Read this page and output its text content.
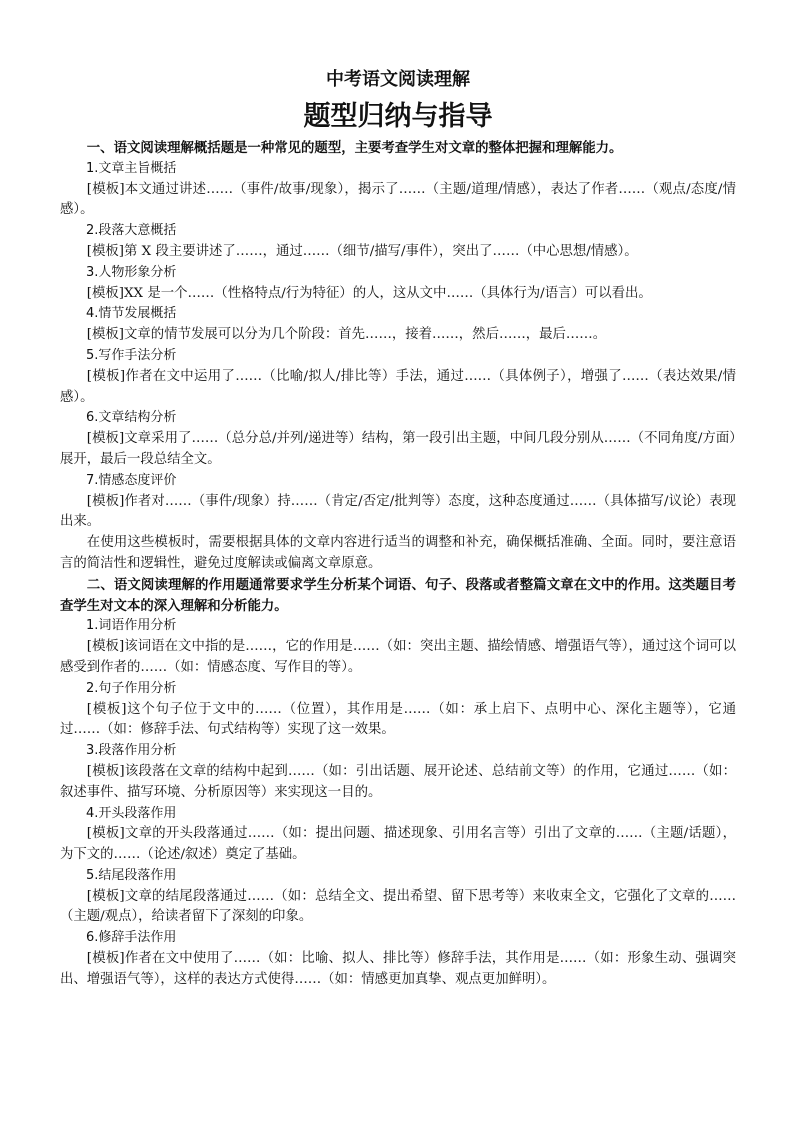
中考语文阅读理解
题型归纳与指导

一、语文阅读理解概括题是一种常见的题型，主要考查学生对文章的整体把握和理解能力。

1.文章主旨概括

[模板]本文通过讲述……（事件/故事/现象），揭示了……（主题/道理/情感），表达了作者……（观点/态度/情感）。

2.段落大意概括

[模板]第 X 段主要讲述了……，通过……（细节/描写/事件），突出了……（中心思想/情感）。

3.人物形象分析

[模板]XX 是一个……（性格特点/行为特征）的人，这从文中……（具体行为/语言）可以看出。

4.情节发展概括

[模板]文章的情节发展可以分为几个阶段：首先……，接着……，然后……，最后……。

5.写作手法分析

[模板]作者在文中运用了……（比喻/拟人/排比等）手法，通过……（具体例子），增强了……（表达效果/情感）。

6.文章结构分析

[模板]文章采用了……（总分总/并列/递进等）结构，第一段引出主题，中间几段分别从……（不同角度/方面）展开，最后一段总结全文。

7.情感态度评价

[模板]作者对……（事件/现象）持……（肯定/否定/批判等）态度，这种态度通过……（具体描写/议论）表现出来。

在使用这些模板时，需要根据具体的文章内容进行适当的调整和补充，确保概括准确、全面。同时，要注意语言的简洁性和逻辑性，避免过度解读或偏离文章原意。

二、语文阅读理解的作用题通常要求学生分析某个词语、句子、段落或者整篇文章在文中的作用。这类题目考查学生对文本的深入理解和分析能力。

1.词语作用分析

[模板]该词语在文中指的是……，它的作用是……（如：突出主题、描绘情感、增强语气等），通过这个词可以感受到作者的……（如：情感态度、写作目的等）。

2.句子作用分析

[模板]这个句子位于文中的……（位置），其作用是……（如：承上启下、点明中心、深化主题等），它通过……（如：修辞手法、句式结构等）实现了这一效果。

3.段落作用分析

[模板]该段落在文章的结构中起到……（如：引出话题、展开论述、总结前文等）的作用，它通过……（如：叙述事件、描写环境、分析原因等）来实现这一目的。

4.开头段落作用

[模板]文章的开头段落通过……（如：提出问题、描述现象、引用名言等）引出了文章的……（主题/话题），为下文的……（论述/叙述）奠定了基础。

5.结尾段落作用

[模板]文章的结尾段落通过……（如：总结全文、提出希望、留下思考等）来收束全文，它强化了文章的……（主题/观点），给读者留下了深刻的印象。

6.修辞手法作用

[模板]作者在文中使用了……（如：比喻、拟人、排比等）修辞手法，其作用是……（如：形象生动、强调突出、增强语气等），这样的表达方式使得……（如：情感更加真挚、观点更加鲜明）。
